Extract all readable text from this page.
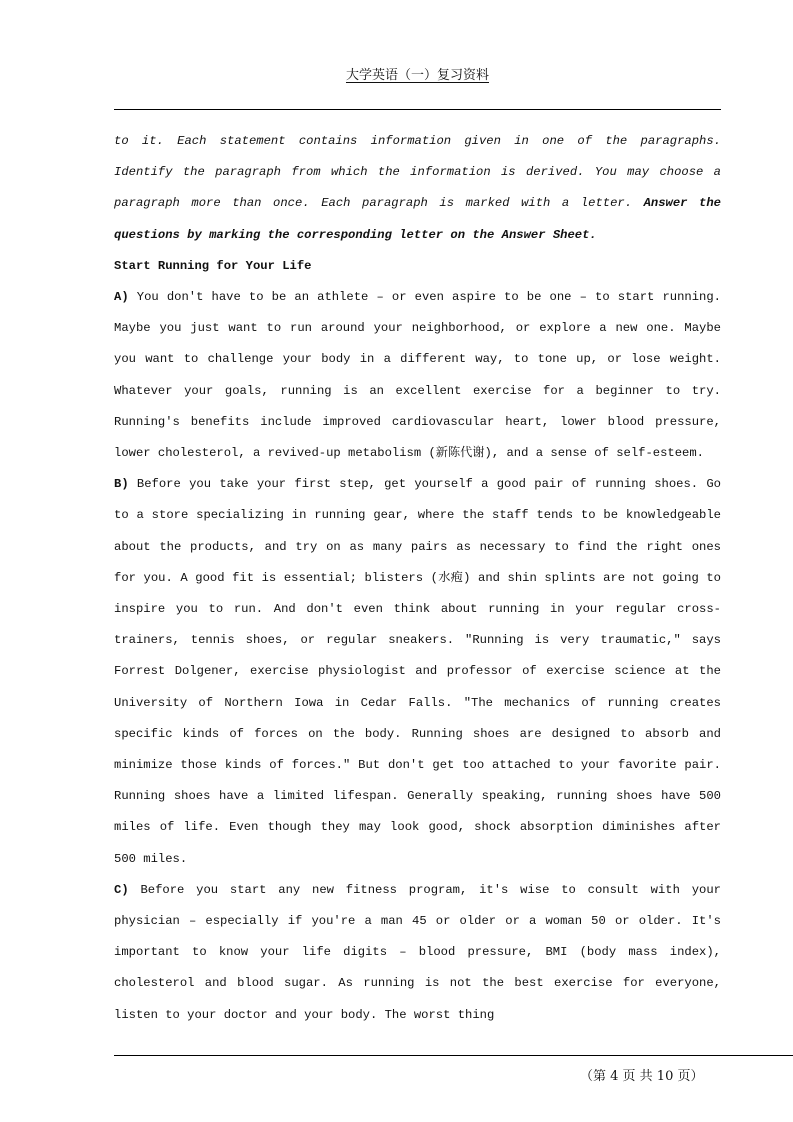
大学英语（一）复习资料

to it. Each statement contains information given in one of the paragraphs. Identify the paragraph from which the information is derived. You may choose a paragraph more than once. Each paragraph is marked with a letter. Answer the questions by marking the corresponding letter on the Answer Sheet.

Start Running for Your Life

A) You don't have to be an athlete – or even aspire to be one – to start running. Maybe you just want to run around your neighborhood, or explore a new one. Maybe you want to challenge your body in a different way, to tone up, or lose weight. Whatever your goals, running is an excellent exercise for a beginner to try. Running's benefits include improved cardiovascular heart, lower blood pressure, lower cholesterol, a revived-up metabolism (新陈代谢), and a sense of self-esteem.

B) Before you take your first step, get yourself a good pair of running shoes. Go to a store specializing in running gear, where the staff tends to be knowledgeable about the products, and try on as many pairs as necessary to find the right ones for you. A good fit is essential; blisters (水疱) and shin splints are not going to inspire you to run. And don't even think about running in your regular cross-trainers, tennis shoes, or regular sneakers. "Running is very traumatic," says Forrest Dolgener, exercise physiologist and professor of exercise science at the University of Northern Iowa in Cedar Falls. "The mechanics of running creates specific kinds of forces on the body. Running shoes are designed to absorb and minimize those kinds of forces." But don't get too attached to your favorite pair. Running shoes have a limited lifespan. Generally speaking, running shoes have 500 miles of life. Even though they may look good, shock absorption diminishes after 500 miles.

C) Before you start any new fitness program, it's wise to consult with your physician – especially if you're a man 45 or older or a woman 50 or older. It's important to know your life digits – blood pressure, BMI (body mass index), cholesterol and blood sugar. As running is not the best exercise for everyone, listen to your doctor and your body. The worst thing

（第 4 页 共 10 页）
